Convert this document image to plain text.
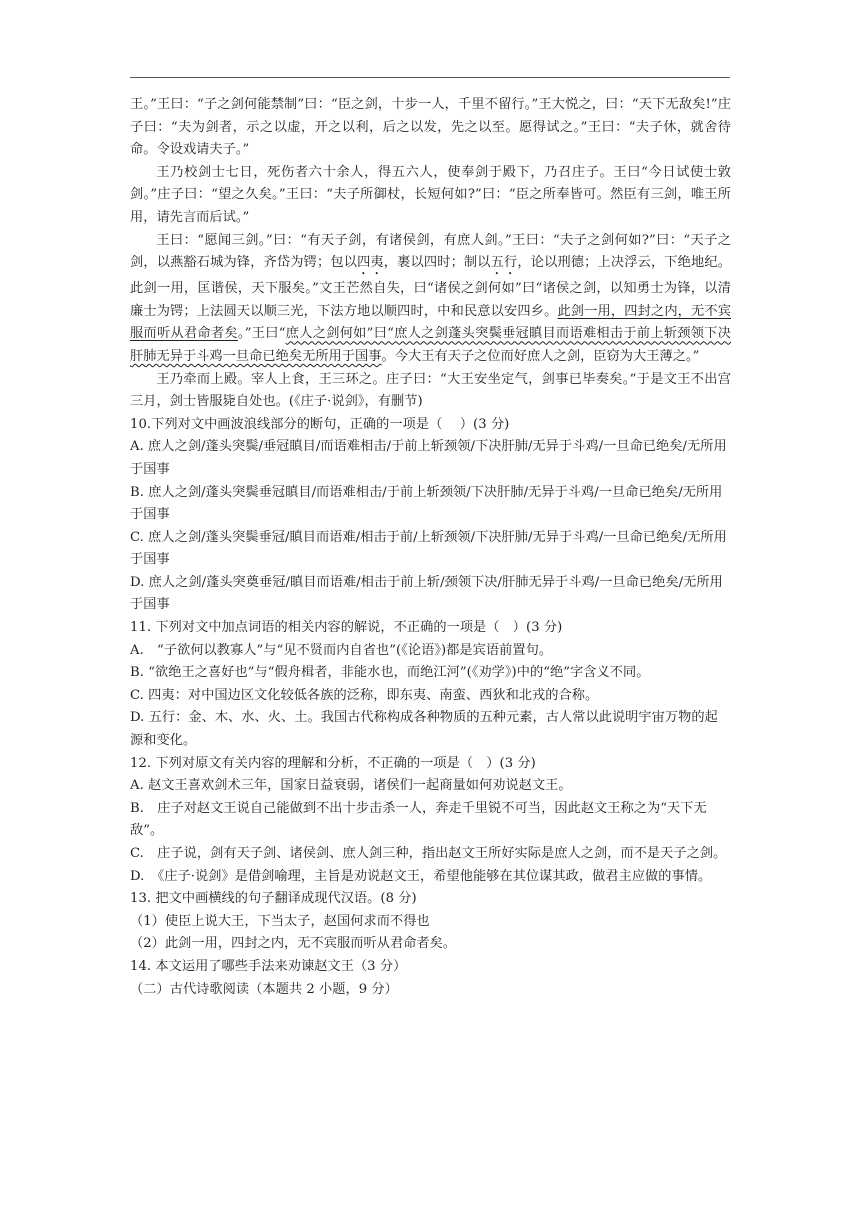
王。”王曰：“子之剑何能禁制”曰：“臣之剑，十步一人，千里不留行。”王大悦之，曰：“天下无敌矣!”庄子曰：“夫为剑者，示之以虚，开之以利，后之以发，先之以至。愿得试之。”王曰：“夫子休，就舍待命。令设戏请夫子。”

王乃校剑士七日，死伤者六十余人，得五六人，使奉剑于殿下，乃召庄子。王曰“今日试使士敦剑。”庄子曰：“望之久矣。”王曰：“夫子所御杖，长短何如?”曰：“臣之所奉皆可。然臣有三剑，唯王所用，请先言而后试。”

王曰：“愿闻三剑。”曰：“有天子剑，有诸侯剑，有庶人剑。”王曰：“夫子之剑何如?”曰：“天子之剑，以燕豁石城为锋，齐岱为锷；包以四夷，裹以四时；制以五行，论以刑德；上决浮云，下绝地纪。此剑一用，匡谐侯，天下服矣。”文王芒然自失，曰“诸侯之剑何如”曰“诸侯之剑，以知勇士为锋，以清廉士为锷；上法圆天以顺三光，下法方地以顺四时，中和民意以安四乡。此剑一用，四封之内，无不宾服而听从君命者矣。”王曰“庶人之剑何如”曰“庶人之剑蓬头突鬓垂冠瞋目而语难相击于前上斩颈领下决肝肺无异于斗鸡一旦命已绝矣无所用于国事。今大王有天子之位而好庶人之剑，臣窃为大王薄之。”

王乃牵而上殿。宰人上食，王三环之。庄子曰：“大王安坐定气，剑事已毕奏矣。”于是文王不出宫三月，剑士皆服毙自处也。(《庄子·说剑》，有删节)

10.下列对文中画波浪线部分的断句，正确的一项是（　 ）(3 分)

A. 庶人之剑/蓬头突鬓/垂冠瞋目/而语难相击/于前上斩颈领/下决肝肺/无异于斗鸡/一旦命已绝矣/无所用于国事

B. 庶人之剑/蓬头突鬓垂冠瞋目/而语难相击/于前上斩颈领/下决肝肺/无异于斗鸡/一旦命已绝矣/无所用于国事

C. 庶人之剑/蓬头突鬓垂冠/瞋目而语难/相击于前/上斩颈领/下决肝肺/无异于斗鸡/一旦命已绝矣/无所用于国事

D. 庶人之剑/蓬头突奠垂冠/瞋目而语难/相击于前上斩/颈领下决/肝肺无异于斗鸡/一旦命已绝矣/无所用于国事

11. 下列对文中加点词语的相关内容的解说，不正确的一项是（　）(3 分)

A.　“子欲何以教寡人”与“见不贤而内自省也”(《论语》)都是宾语前置句。

B. “欲绝王之喜好也”与“假舟楫者，非能水也，而绝江河”(《劝学》)中的“绝”字含义不同。

C. 四夷：对中国边区文化较低各族的泛称，即东夷、南蛮、西狄和北戎的合称。

D. 五行：金、木、水、火、土。我国古代称构成各种物质的五种元素，古人常以此说明宇宙万物的起源和变化。

12. 下列对原文有关内容的理解和分析，不正确的一项是（　）(3 分)

A. 赵文王喜欢剑术三年，国家日益衰弱，诸侯们一起商量如何劝说赵文王。

B.　庄子对赵文王说自己能做到不出十步击杀一人，奔走千里锐不可当，因此赵文王称之为“天下无敌”。

C.　庄子说，剑有天子剑、诸侯剑、庶人剑三种，指出赵文王所好实际是庶人之剑，而不是天子之剑。

D.　《庄子·说剑》是借剑喻理，主旨是劝说赵文王，希望他能够在其位谋其政，做君主应做的事情。

13. 把文中画横线的句子翻译成现代汉语。(8 分)

（1）使臣上说大王，下当太子，赵国何求而不得也

（2）此剑一用，四封之内，无不宾服而听从君命者矣。

14. 本文运用了哪些手法来劝谏赵文王（3 分）

（二）古代诗歌阅读（本题共 2 小题，9 分）
